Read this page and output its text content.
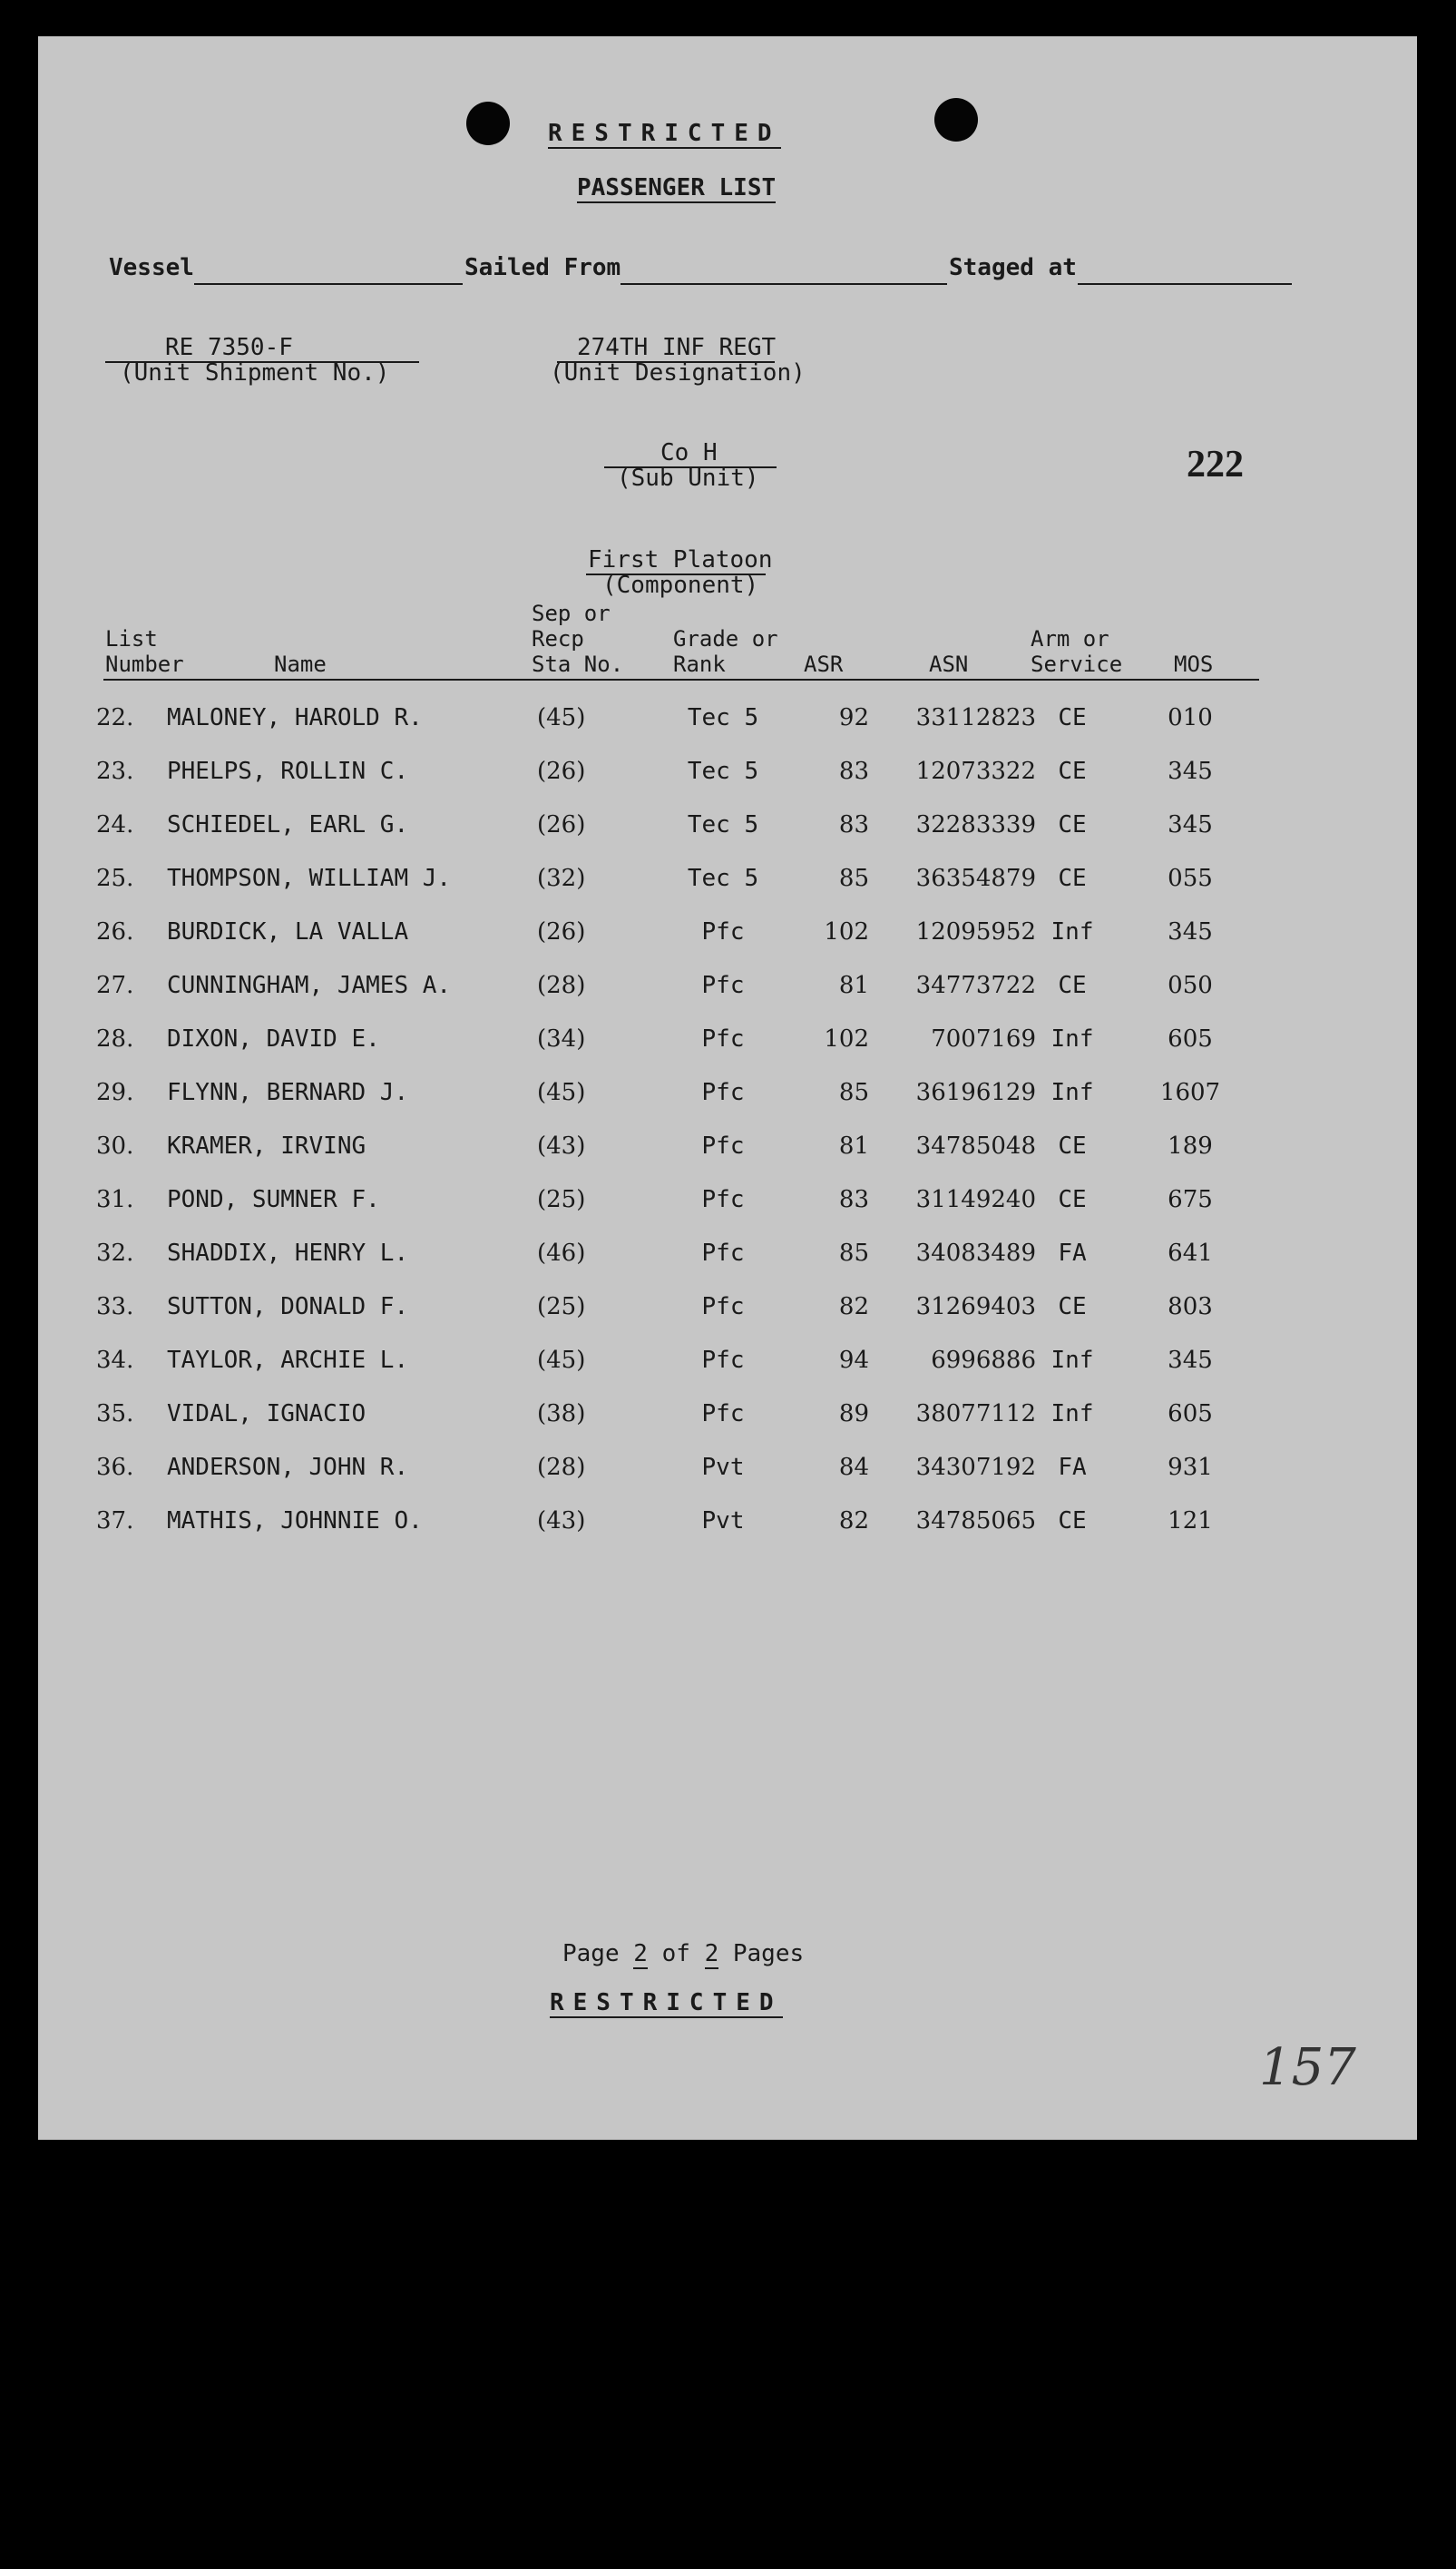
RESTRICTED
PASSENGER LIST
Vessel	Sailed From	Staged at
RE 7350-F
(Unit Shipment No.)
274TH INF REGT
(Unit Designation)
Co H
(Sub Unit)	222
First Platoon
(Component)
List
Number	Name
Sep or
Recp
Sta No.
Grade or
Rank	ASR	ASN
Arm or
Service MOS
22. MALONEY, HAROLD R.	(45)	Tec 5	92	33112823 CE	010
23. PHELPS, ROLLIN C.	(26)	Tec 5	83	12073322 CE	345
24. SCHIEDEL, EARL G.	(26)	Tec 5	83	32283339 CE	345
25. THOMPSON, WILLIAM J.	(32)	Tec 5	85	36354879 CE	055
26. BURDICK, LA VALLA	(26)	Pfc	102	12095952 Inf	345
27. CUNNINGHAM, JAMES A.	(28)	Pfc	81	34773722 CE	050
28. DIXON, DAVID E.	(34)	Pfc	102	7007169 Inf	605
29. FLYNN, BERNARD J.	(45)	Pfc	85	36196129 Inf	1607
30. KRAMER, IRVING	(43)	Pfc	81	34785048 CE	189
31. POND, SUMNER F.	(25)	Pfc	83	31149240 CE	675
32. SHADDIX, HENRY L.	(46)	Pfc	85	34083489 FA	641
33. SUTTON, DONALD F.	(25)	Pfc	82	31269403 CE	803
34. TAYLOR, ARCHIE L.	(45)	Pfc	94	6996886 Inf	345
35. VIDAL, IGNACIO	(38)	Pfc	89	38077112 Inf	605
36. ANDERSON, JOHN R.	(28)	Pvt	84	34307192 FA	931
37. MATHIS, JOHNNIE O.	(43)	Pvt	82	34785065 CE	121
Page 2 of 2 Pages
RESTRICTED
157
